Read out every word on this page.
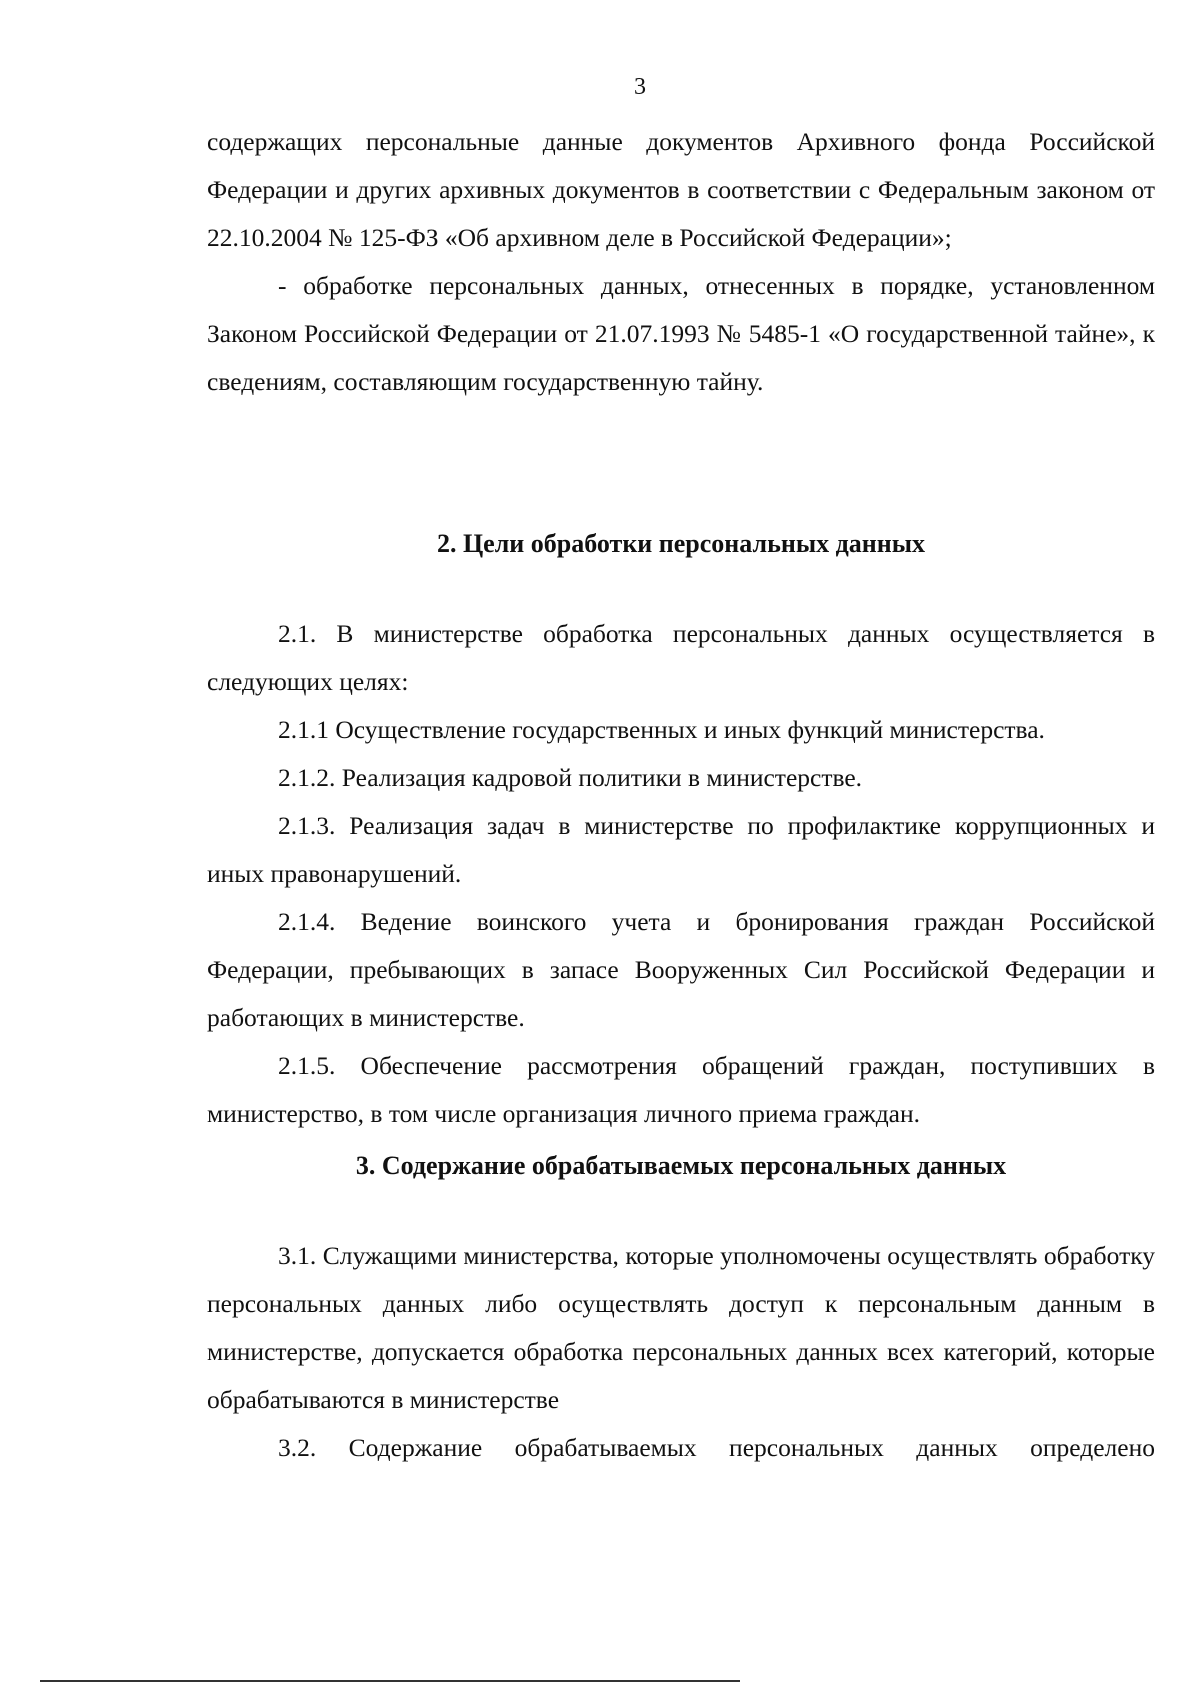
3

содержащих персональные данные документов Архивного фонда Российской Федерации и других архивных документов в соответствии с Федеральным законом от 22.10.2004 № 125-ФЗ «Об архивном деле в Российской Федерации»;

- обработке персональных данных, отнесенных в порядке, установленном Законом Российской Федерации от 21.07.1993 № 5485-1 «О государственной тайне», к сведениям, составляющим государственную тайну.

2. Цели обработки персональных данных

2.1. В министерстве обработка персональных данных осуществляется в следующих целях:

2.1.1 Осуществление государственных и иных функций министерства.

2.1.2. Реализация кадровой политики в министерстве.

2.1.3. Реализация задач в министерстве по профилактике коррупционных и иных правонарушений.

2.1.4. Ведение воинского учета и бронирования граждан Российской Федерации, пребывающих в запасе Вооруженных Сил Российской Федерации и работающих в министерстве.

2.1.5. Обеспечение рассмотрения обращений граждан, поступивших в министерство, в том числе организация личного приема граждан.

3. Содержание обрабатываемых персональных данных

3.1. Служащими министерства, которые уполномочены осуществлять обработку персональных данных либо осуществлять доступ к персональным данным в министерстве, допускается обработка персональных данных всех категорий, которые обрабатываются в министерстве

3.2. Содержание обрабатываемых персональных данных определено
